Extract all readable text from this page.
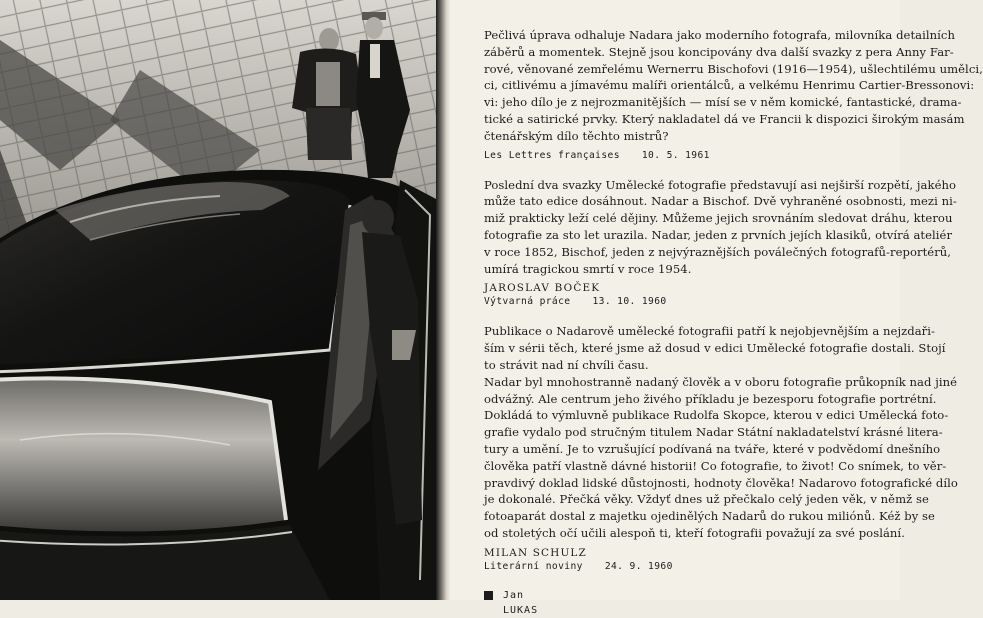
Pečlivá úprava odhaluje Nadara jako moderního fotografa, milovníka detailních
záběrů a momentek. Stejně jsou koncipovány dva další svazky z pera Anny Far-
rové, věnované zemřelému Wernerru Bischofovi (1916—1954), ušlechtilému umělci,
ci, citlivému a jímavému malíři orientálců, a velkému Henrimu Cartier-Bressonovi:
vi: jeho dílo je z nejrozmanitějších — mísí se v něm komické, fantastické, drama-
tické a satirické prvky. Který nakladatel dá ve Francii k dispozici širokým masám
čtenářským dílo těchto mistrů?

Les Lettres françaises 10. 5. 1961

Poslední dva svazky Umělecké fotografie představují asi nejširší rozpětí, jakého
může tato edice dosáhnout. Nadar a Bischof. Dvě vyhraněné osobnosti, mezi ni-
miž prakticky leží celé dějiny. Můžeme jejich srovnáním sledovat dráhu, kterou
fotografie za sto let urazila. Nadar, jeden z prvních jejích klasiků, otvírá ateliér
v roce 1852, Bischof, jeden z nejvýraznějších poválečných fotografů-reportérů,
umírá tragickou smrtí v roce 1954.

JAROSLAV BOČEK
Výtvarná práce 13. 10. 1960

Publikace o Nadarově umělecké fotografii patří k nejobjevnějším a nejzdaři-
ším v sérii těch, které jsme až dosud v edici Umělecké fotografie dostali. Stojí
to strávit nad ní chvíli času.
Nadar byl mnohostranně nadaný člověk a v oboru fotografie průkopník nad jiné
odvážný. Ale centrum jeho živého příkladu je bezesporu fotografie portrétní.
Dokládá to výmluvně publikace Rudolfa Skopce, kterou v edici Umělecká foto-
grafie vydalo pod stručným titulem Nadar Státní nakladatelství krásné litera-
tury a umění. Je to vzrušující podívaná na tváře, které v podvědomí dnešního
člověka patří vlastně dávné historii! Co fotografie, to život! Co snímek, to věr-
pravdivý doklad lidské důstojnosti, hodnoty člověka! Nadarovo fotografické dílo
je dokonalé. Přečká věky. Vždyť dnes už přečkalo celý jeden věk, v němž se
fotoaparát dostal z majetku ojedinělých Nadarů do rukou miliónů. Kéž by se
od stoletých očí učili alespoň ti, kteří fotografii považují za své poslání.

MILAN SCHULZ
Literární noviny 24. 9. 1960
Jan
LUKAS
